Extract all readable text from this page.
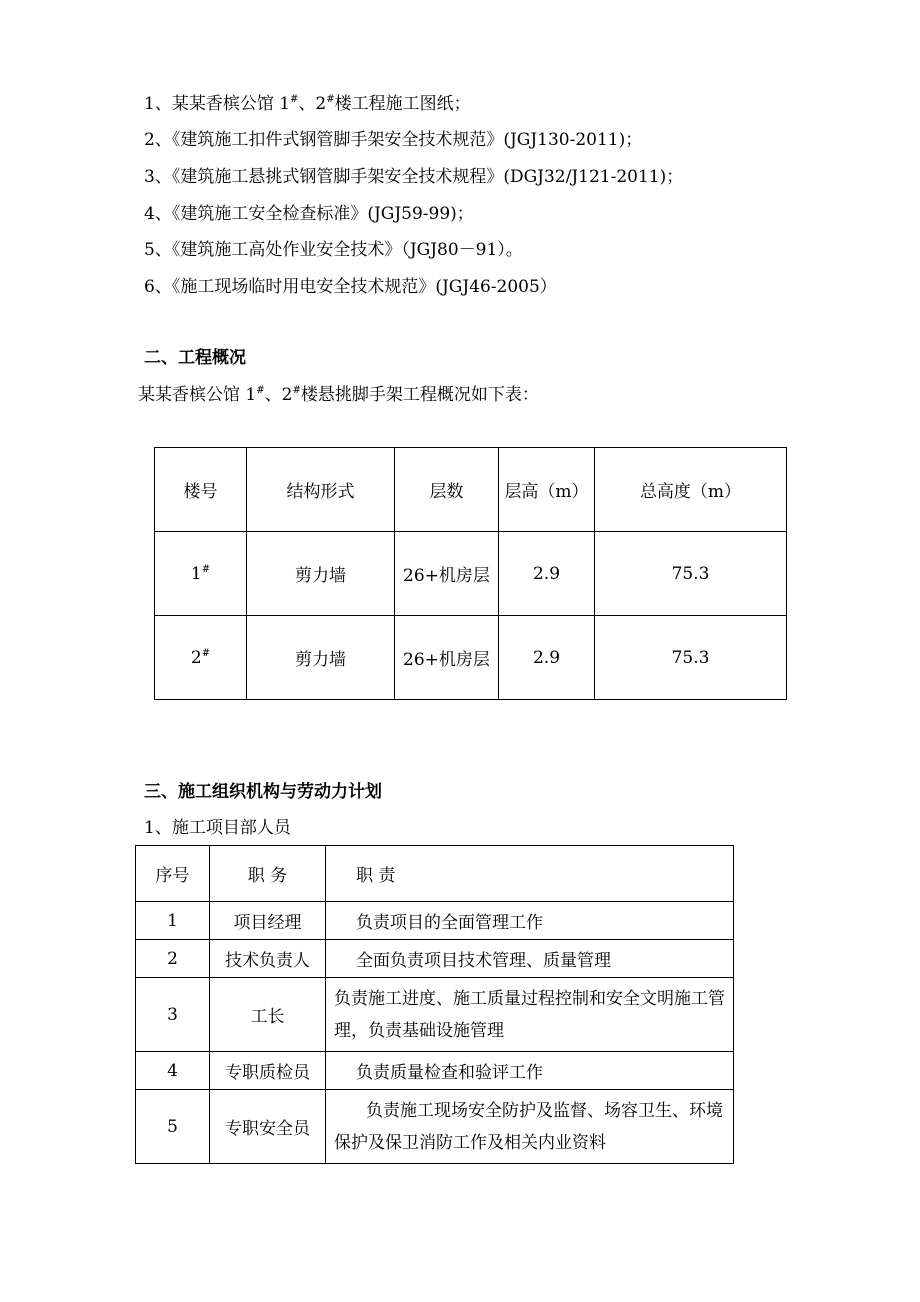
1、某某香槟公馆 1#、2#楼工程施工图纸；
2、《建筑施工扣件式钢管脚手架安全技术规范》(JGJ130-2011)；
3、《建筑施工悬挑式钢管脚手架安全技术规程》(DGJ32/J121-2011)；
4、《建筑施工安全检查标准》(JGJ59-99)；
5、《建筑施工高处作业安全技术》（JGJ80－91）。
6、《施工现场临时用电安全技术规范》(JGJ46-2005）
二、工程概况
某某香槟公馆 1#、2#楼悬挑脚手架工程概况如下表：
楼号	结构形式	层数	层高（m）	总高度（m）
1#	剪力墙	26+机房层	2.9	75.3
2#	剪力墙	26+机房层	2.9	75.3
三、施工组织机构与劳动力计划
1、施工项目部人员
序号	职 务	职 责
1	项目经理	负责项目的全面管理工作
2	技术负责人	全面负责项目技术管理、质量管理
3	工长	负责施工进度、施工质量过程控制和安全文明施工管理，负责基础设施管理
4	专职质检员	负责质量检查和验评工作
5	专职安全员	负责施工现场安全防护及监督、场容卫生、环境保护及保卫消防工作及相关内业资料
